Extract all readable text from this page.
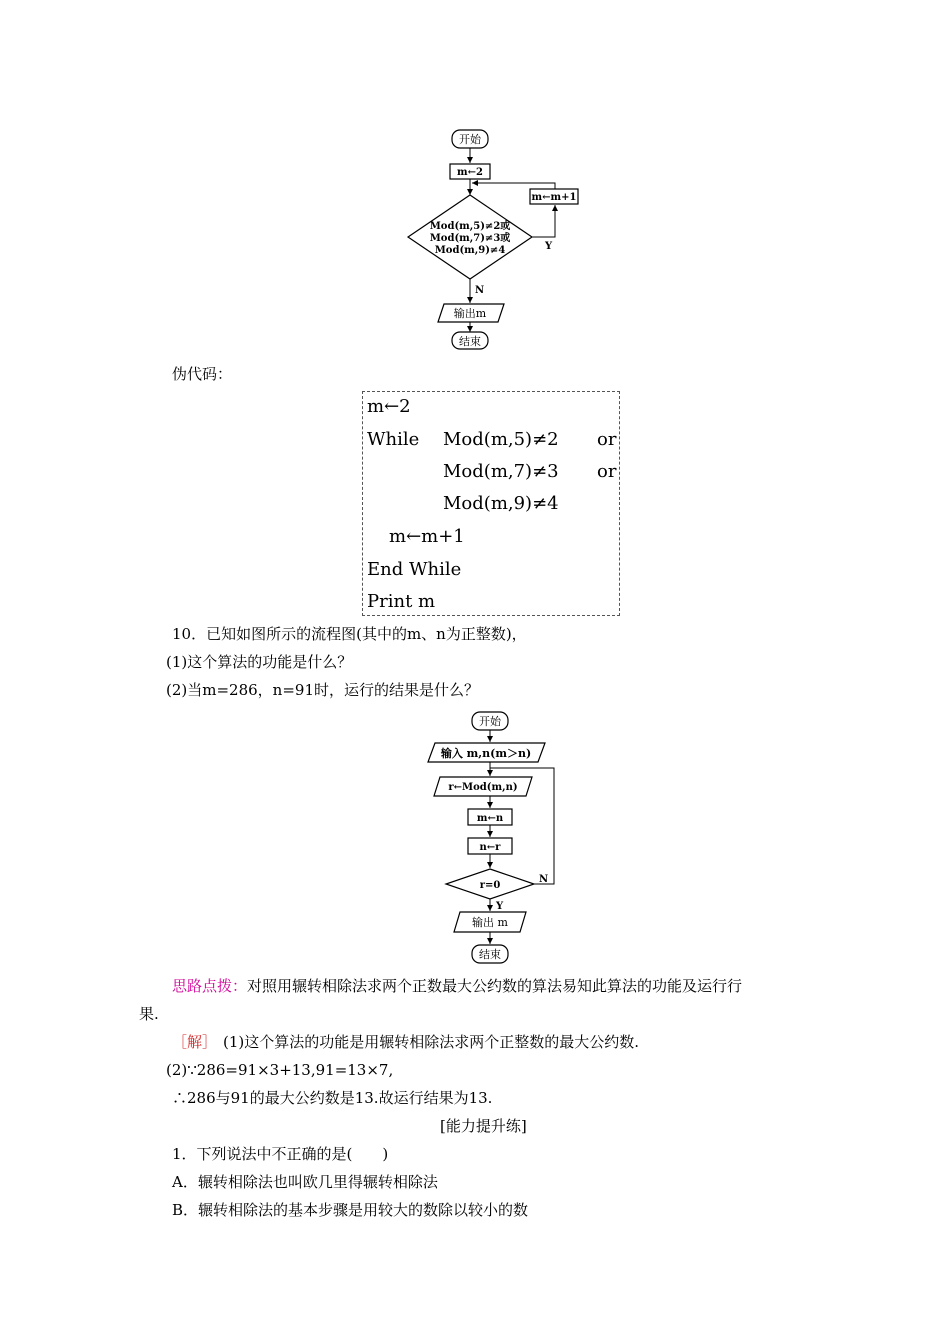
开始
m←2
Mod(m,5)≠2或
Mod(m,7)≠3或
Mod(m,9)≠4	Y
m←m+1
N
输出m
结束
伪代码：
m←2
While Mod(m,5)≠2 or
Mod(m,7)≠3 or
Mod(m,9)≠4
m←m+1
End While
Print m
10．已知如图所示的流程图(其中的m、n为正整数)，
(1)这个算法的功能是什么？
(2)当m=286，n=91时，运行的结果是什么？
开始
输入 m,n(m＞n)
r←Mod(m,n)
m←n
n←r
r=0
N
Y
输出 m
结束
思路点拨：对照用辗转相除法求两个正数最大公约数的算法易知此算法的功能及运行行
果.
［解］ (1)这个算法的功能是用辗转相除法求两个正整数的最大公约数.
(2)∵286=91×3+13,91=13×7,
∴286与91的最大公约数是13.故运行结果为13.
[能力提升练]
1．下列说法中不正确的是(　　)
A．辗转相除法也叫欧几里得辗转相除法
B．辗转相除法的基本步骤是用较大的数除以较小的数
